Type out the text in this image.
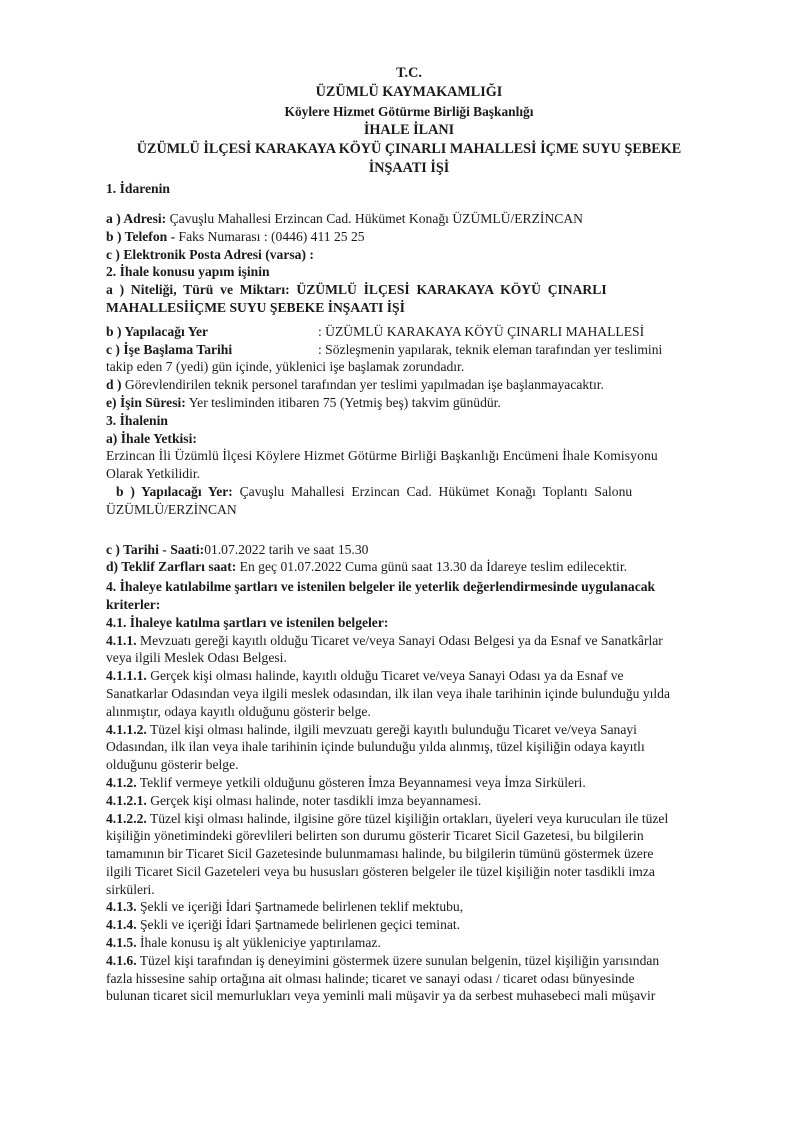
T.C.
ÜZÜMLÜ KAYMAKAMLIĞI
Köylere Hizmet Götürme Birliği Başkanlığı
İHALE İLANI
ÜZÜMLÜ İLÇESİ KARAKAYA KÖYÜ ÇINARLI MAHALLESİ İÇME SUYU ŞEBEKE
İNŞAATI İŞİ
1. İdarenin

a ) Adresi: Çavuşlu Mahallesi Erzincan Cad. Hükümet Konağı ÜZÜMLÜ/ERZİNCAN

b ) Telefon - Faks Numarası : (0446) 411 25 25

c ) Elektronik Posta Adresi (varsa) :

2. İhale konusu yapım işinin

a  )  Niteliği,  Türü  ve  Miktarı:  ÜZÜMLÜ  İLÇESİ  KARAKAYA  KÖYÜ  ÇINARLI

MAHALLESİİÇME SUYU ŞEBEKE İNŞAATI İŞİ

b ) Yapılacağı Yer	: ÜZÜMLÜ KARAKAYA KÖYÜ ÇINARLI MAHALLESİ
c ) İşe Başlama Tarihi	: Sözleşmenin yapılarak, teknik eleman tarafından yer teslimini

takip eden 7 (yedi) gün içinde, yüklenici işe başlamak zorundadır.

d ) Görevlendirilen teknik personel tarafından yer teslimi yapılmadan işe başlanmayacaktır.

e) İşin Süresi: Yer tesliminden itibaren 75 (Yetmiş beş) takvim günüdür.

3. İhalenin

a) İhale Yetkisi:

Erzincan İli Üzümlü İlçesi Köylere Hizmet Götürme Birliği Başkanlığı Encümeni İhale Komisyonu

Olarak Yetkilidir.

b  )  Yapılacağı  Yer:  Çavuşlu  Mahallesi  Erzincan  Cad.  Hükümet  Konağı  Toplantı  Salonu

ÜZÜMLÜ/ERZİNCAN

c ) Tarihi - Saati:01.07.2022 tarih ve saat 15.30

d) Teklif Zarfları saat: En geç 01.07.2022 Cuma günü saat 13.30 da İdareye teslim edilecektir.

4. İhaleye katılabilme şartları ve istenilen belgeler ile yeterlik değerlendirmesinde uygulanacak

kriterler:

4.1. İhaleye katılma şartları ve istenilen belgeler:

4.1.1. Mevzuatı gereği kayıtlı olduğu Ticaret ve/veya Sanayi Odası Belgesi ya da Esnaf ve Sanatkârlar

veya ilgili Meslek Odası Belgesi.

4.1.1.1. Gerçek kişi olması halinde, kayıtlı olduğu Ticaret ve/veya Sanayi Odası ya da Esnaf ve

Sanatkarlar Odasından veya ilgili meslek odasından, ilk ilan veya ihale tarihinin içinde bulunduğu yılda

alınmıştır, odaya kayıtlı olduğunu gösterir belge.

4.1.1.2. Tüzel kişi olması halinde, ilgili mevzuatı gereği kayıtlı bulunduğu Ticaret ve/veya Sanayi

Odasından, ilk ilan veya ihale tarihinin içinde bulunduğu yılda alınmış, tüzel kişiliğin odaya kayıtlı

olduğunu gösterir belge.

4.1.2. Teklif vermeye yetkili olduğunu gösteren İmza Beyannamesi veya İmza Sirküleri.

4.1.2.1. Gerçek kişi olması halinde, noter tasdikli imza beyannamesi.

4.1.2.2. Tüzel kişi olması halinde, ilgisine göre tüzel kişiliğin ortakları, üyeleri veya kurucuları ile tüzel

kişiliğin yönetimindeki görevlileri belirten son durumu gösterir Ticaret Sicil Gazetesi, bu bilgilerin

tamamının bir Ticaret Sicil Gazetesinde bulunmaması halinde, bu bilgilerin tümünü göstermek üzere

ilgili Ticaret Sicil Gazeteleri veya bu hususları gösteren belgeler ile tüzel kişiliğin noter tasdikli imza

sirküleri.

4.1.3. Şekli ve içeriği İdari Şartnamede belirlenen teklif mektubu,

4.1.4. Şekli ve içeriği İdari Şartnamede belirlenen geçici teminat.

4.1.5. İhale konusu iş alt yükleniciye yaptırılamaz.

4.1.6. Tüzel kişi tarafından iş deneyimini göstermek üzere sunulan belgenin, tüzel kişiliğin yarısından

fazla hissesine sahip ortağına ait olması halinde; ticaret ve sanayi odası / ticaret odası bünyesinde

bulunan ticaret sicil memurlukları veya yeminli mali müşavir ya da serbest muhasebeci mali müşavir
